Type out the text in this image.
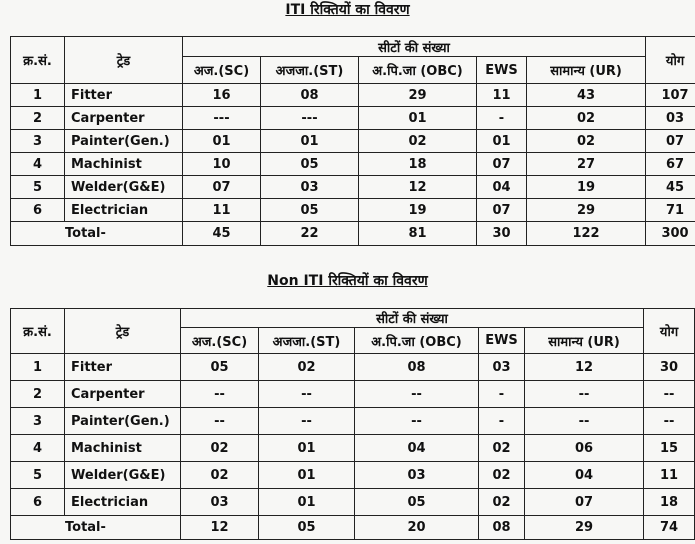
ITI रिक्तियों का विवरण
क्र.सं.	ट्रेड	सीटों की संख्या					योग
		अज.(SC)	अजजा.(ST)	अ.पि.जा (OBC)	EWS	सामान्य (UR)	
1	Fitter	16	08	29	11	43	107
2	Carpenter	---	---	01	-	02	03
3	Painter(Gen.)	01	01	02	01	02	07
4	Machinist	10	05	18	07	27	67
5	Welder(G&E)	07	03	12	04	19	45
6	Electrician	11	05	19	07	29	71
Total-		45	22	81	30	122	300
Non ITI रिक्तियों का विवरण
क्र.सं.	ट्रेड	सीटों की संख्या					योग
		अज.(SC)	अजजा.(ST)	अ.पि.जा (OBC)	EWS	सामान्य (UR)	
1	Fitter	05	02	08	03	12	30
2	Carpenter	--	--	--	-	--	--
3	Painter(Gen.)	--	--	--	-	--	--
4	Machinist	02	01	04	02	06	15
5	Welder(G&E)	02	01	03	02	04	11
6	Electrician	03	01	05	02	07	18
Total-		12	05	20	08	29	74
